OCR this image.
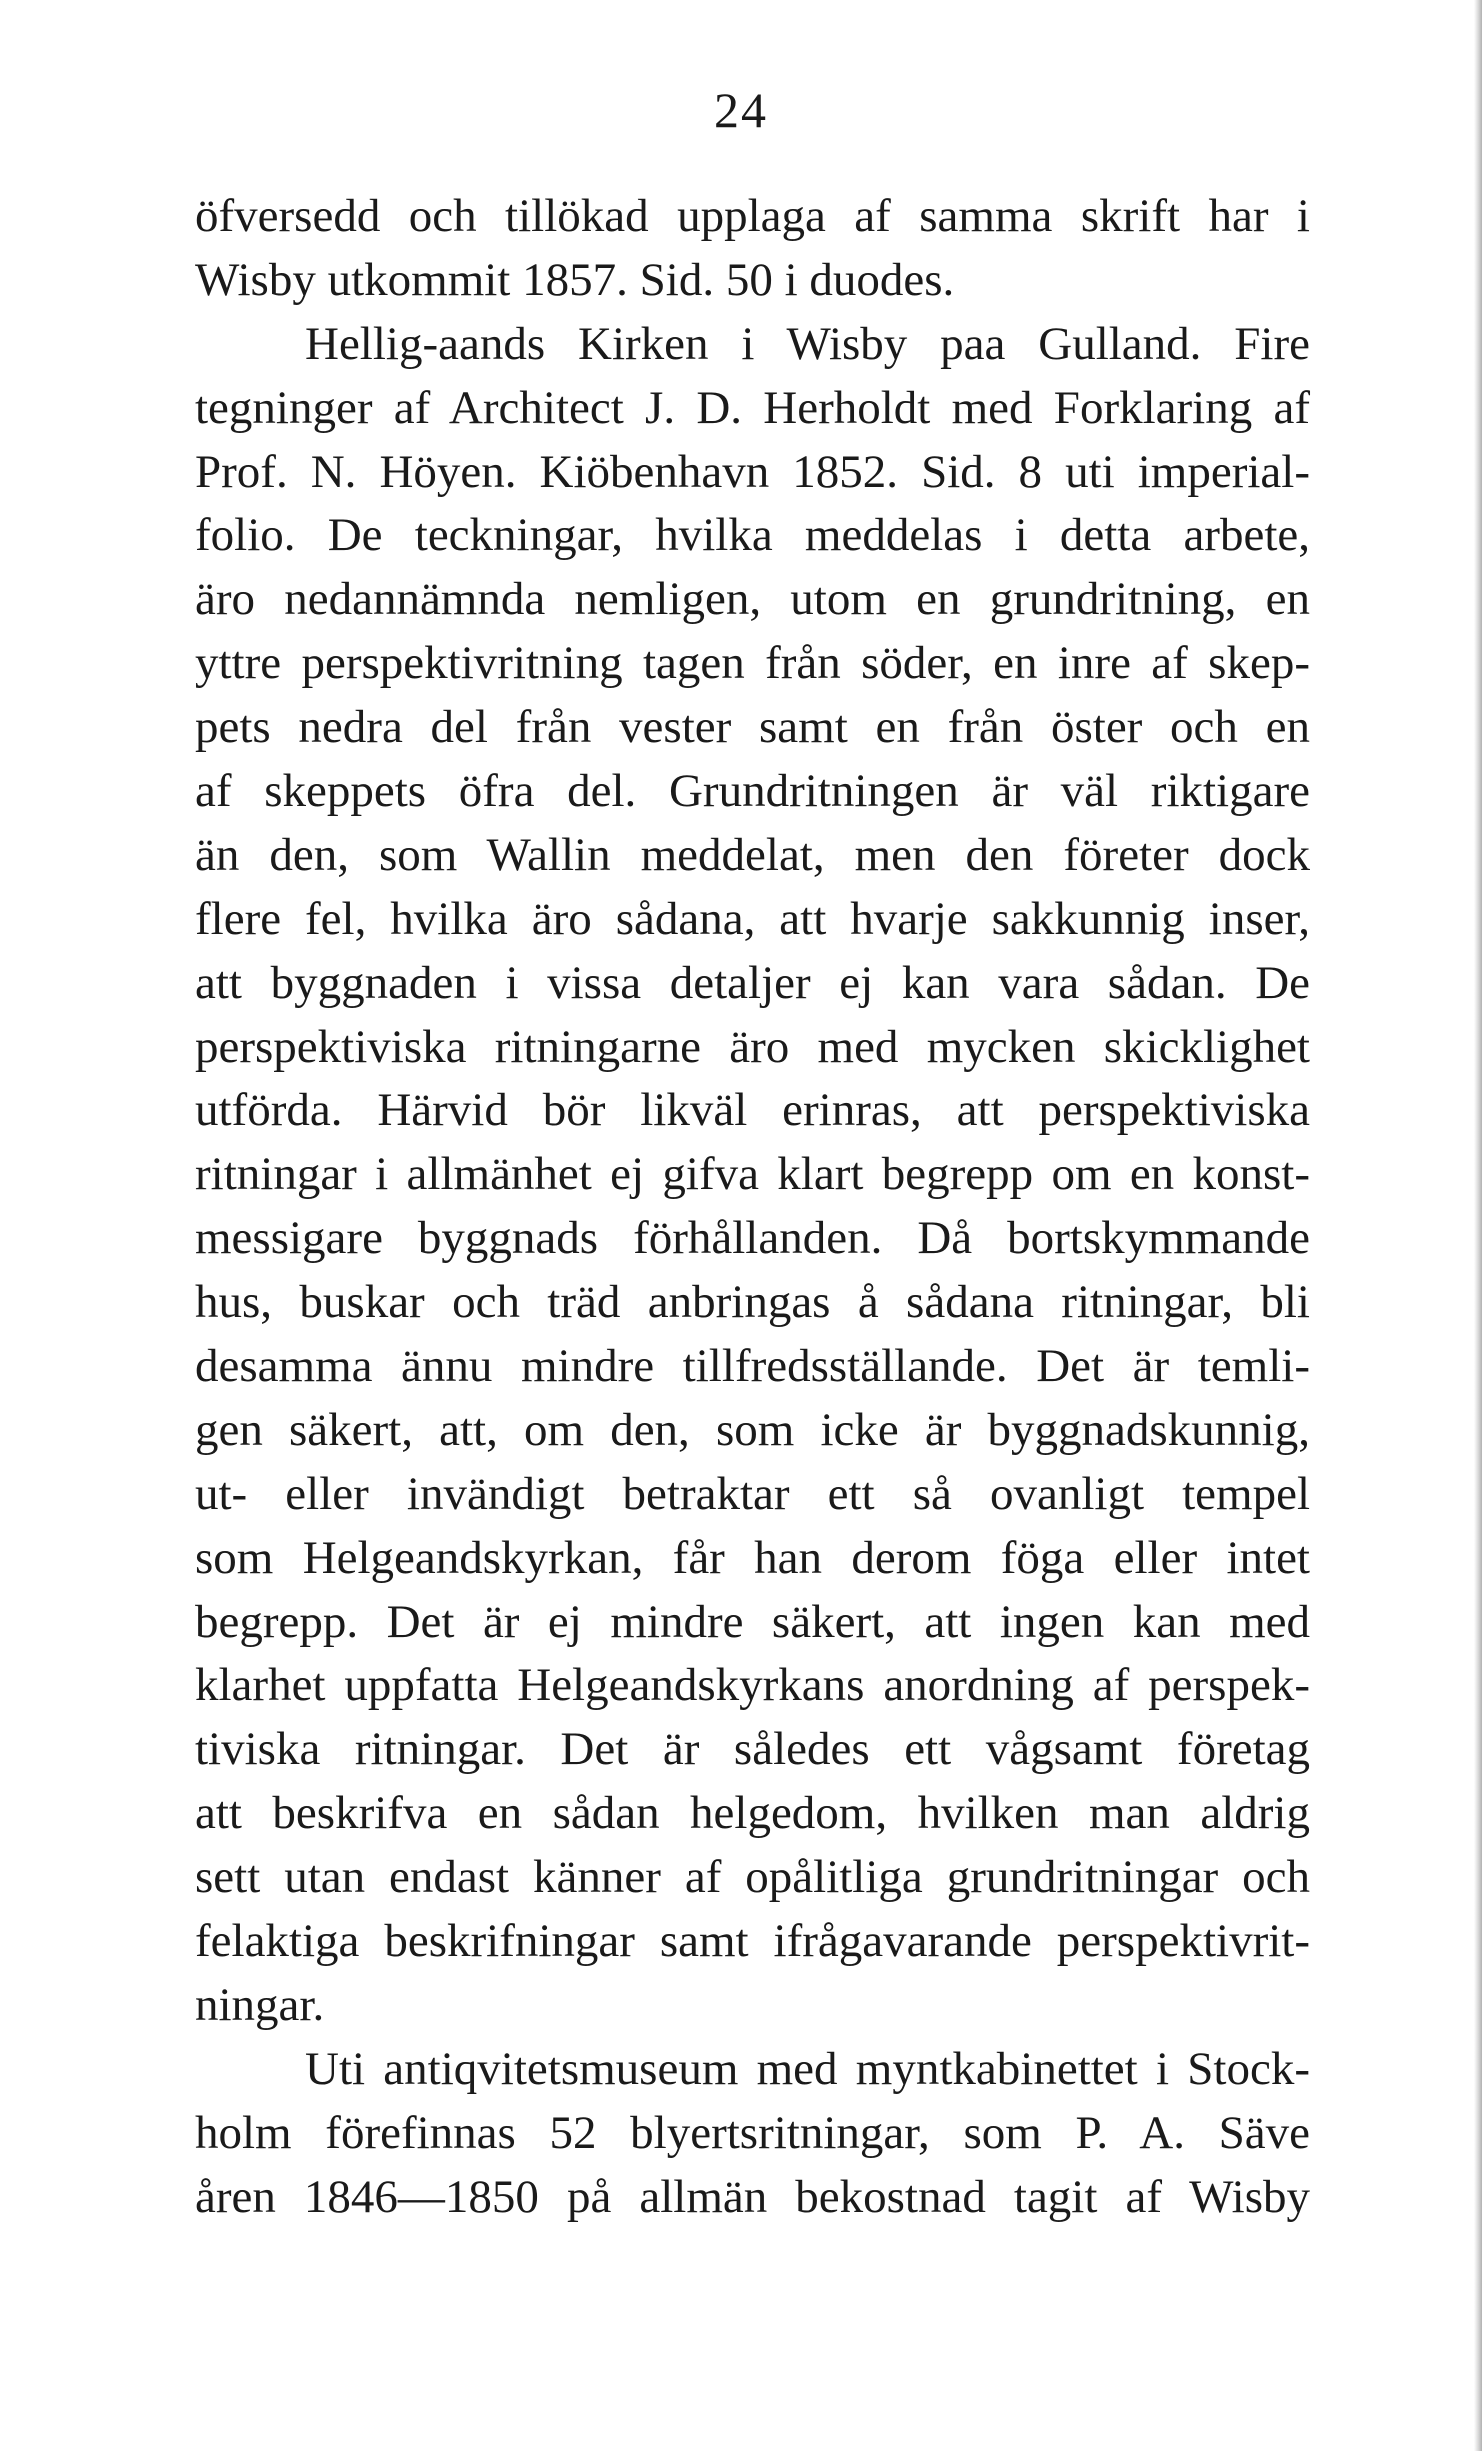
24
öfversedd och tillökad upplaga af samma skrift har i
Wisby utkommit 1857. Sid. 50 i duodes.
Hellig-aands Kirken i Wisby paa Gulland. Fire
tegninger af Architect J. D. Herholdt med Forklaring af
Prof. N. Höyen. Kiöbenhavn 1852. Sid. 8 uti imperial-
folio. De teckningar, hvilka meddelas i detta arbete,
äro nedannämnda nemligen, utom en grundritning, en
yttre perspektivritning tagen från söder, en inre af skep-
pets nedra del från vester samt en från öster och en
af skeppets öfra del. Grundritningen är väl riktigare
än den, som Wallin meddelat, men den företer dock
flere fel, hvilka äro sådana, att hvarje sakkunnig inser,
att byggnaden i vissa detaljer ej kan vara sådan. De
perspektiviska ritningarne äro med mycken skicklighet
utförda. Härvid bör likväl erinras, att perspektiviska
ritningar i allmänhet ej gifva klart begrepp om en konst-
messigare byggnads förhållanden. Då bortskymmande
hus, buskar och träd anbringas å sådana ritningar, bli
desamma ännu mindre tillfredsställande. Det är temli-
gen säkert, att, om den, som icke är byggnadskunnig,
ut- eller invändigt betraktar ett så ovanligt tempel
som Helgeandskyrkan, får han derom föga eller intet
begrepp. Det är ej mindre säkert, att ingen kan med
klarhet uppfatta Helgeandskyrkans anordning af perspek-
tiviska ritningar. Det är således ett vågsamt företag
att beskrifva en sådan helgedom, hvilken man aldrig
sett utan endast känner af opålitliga grundritningar och
felaktiga beskrifningar samt ifrågavarande perspektivrit-
ningar.
Uti antiqvitetsmuseum med myntkabinettet i Stock-
holm förefinnas 52 blyertsritningar, som P. A. Säve
åren 1846—1850 på allmän bekostnad tagit af Wisby
